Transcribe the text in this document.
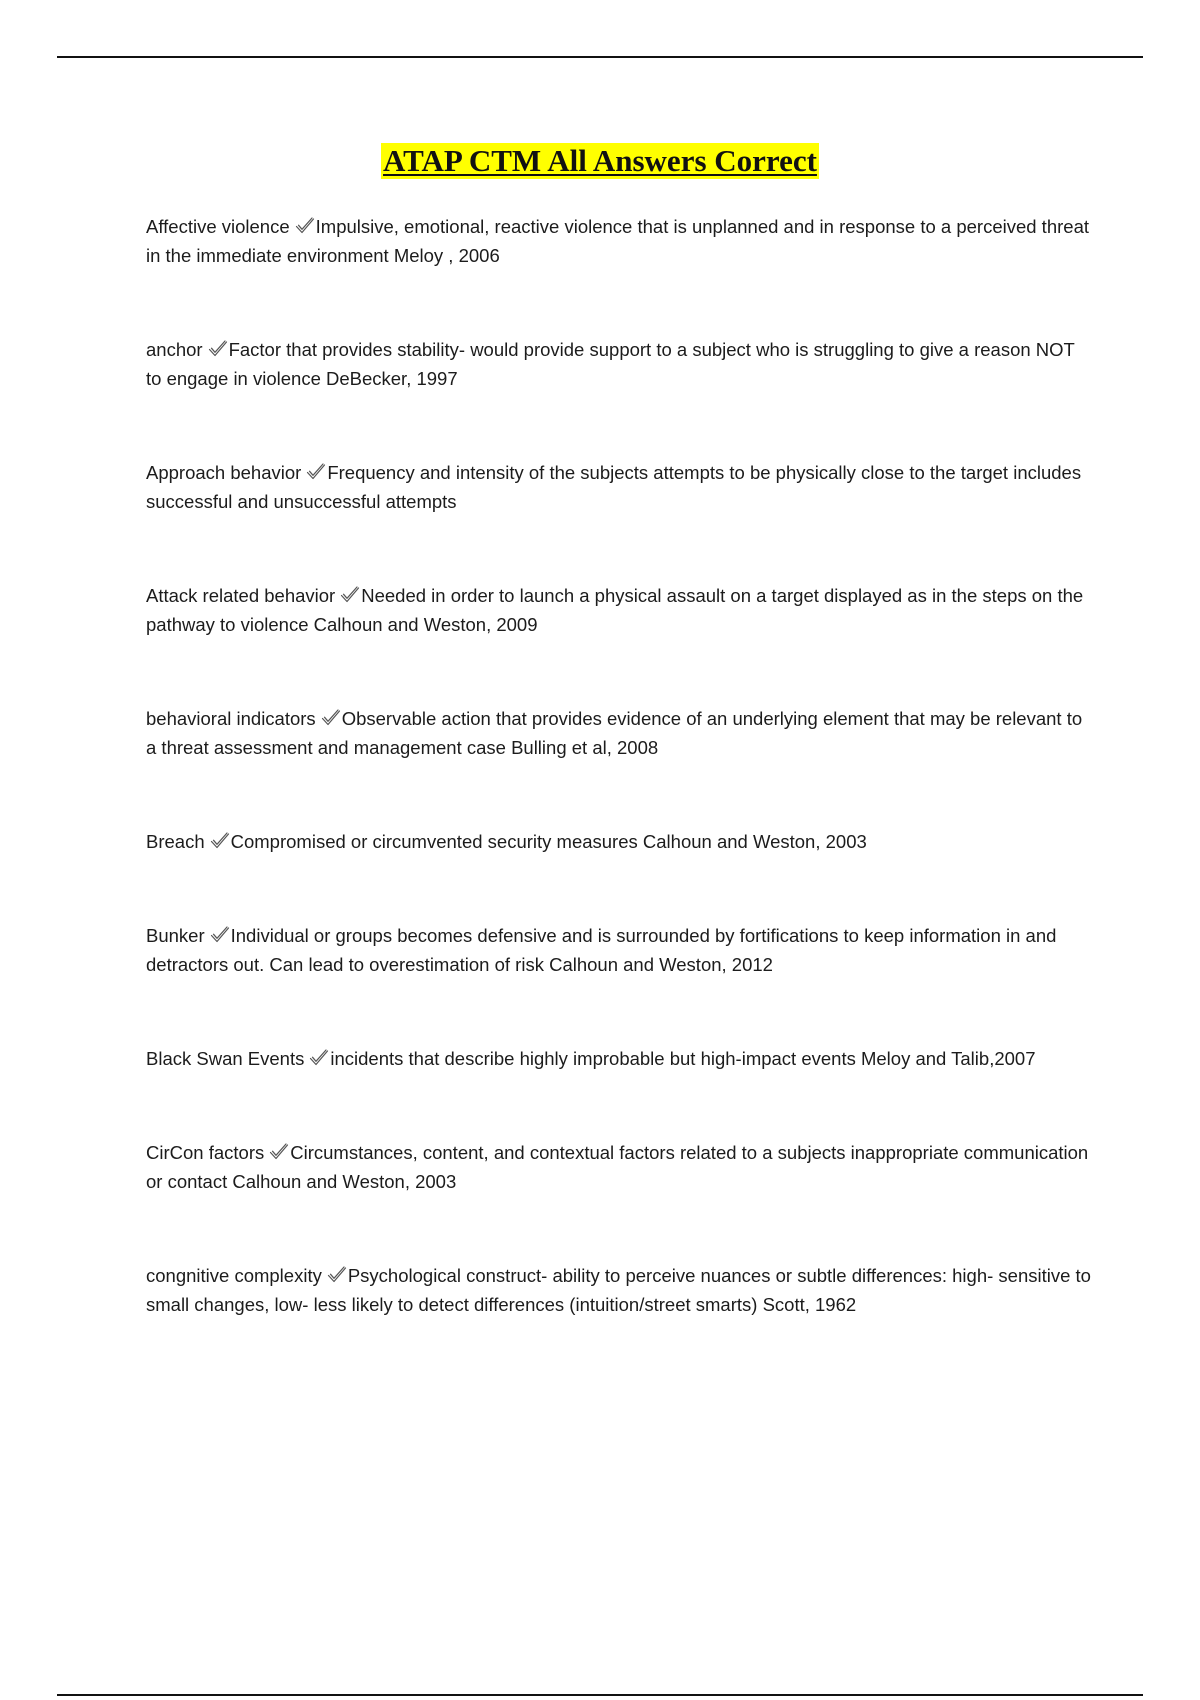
ATAP CTM All Answers Correct

Affective violence Impulsive, emotional, reactive violence that is unplanned and in response to a perceived threat in the immediate environment Meloy , 2006

anchor Factor that provides stability- would provide support to a subject who is struggling to give a reason NOT to engage in violence DeBecker, 1997

Approach behavior Frequency and intensity of the subjects attempts to be physically close to the target includes successful and unsuccessful attempts

Attack related behavior Needed in order to launch a physical assault on a target displayed as in the steps on the pathway to violence Calhoun and Weston, 2009

behavioral indicators Observable action that provides evidence of an underlying element that may be relevant to a threat assessment and management case Bulling et al, 2008

Breach Compromised or circumvented security measures Calhoun and Weston, 2003

Bunker Individual or groups becomes defensive and is surrounded by fortifications to keep information in and detractors out. Can lead to overestimation of risk Calhoun and Weston, 2012

Black Swan Events incidents that describe highly improbable but high-impact events Meloy and Talib,2007

CirCon factors Circumstances, content, and contextual factors related to a subjects inappropriate communication or contact Calhoun and Weston, 2003

congnitive complexity Psychological construct- ability to perceive nuances or subtle differences: high- sensitive to small changes, low- less likely to detect differences (intuition/street smarts) Scott, 1962
